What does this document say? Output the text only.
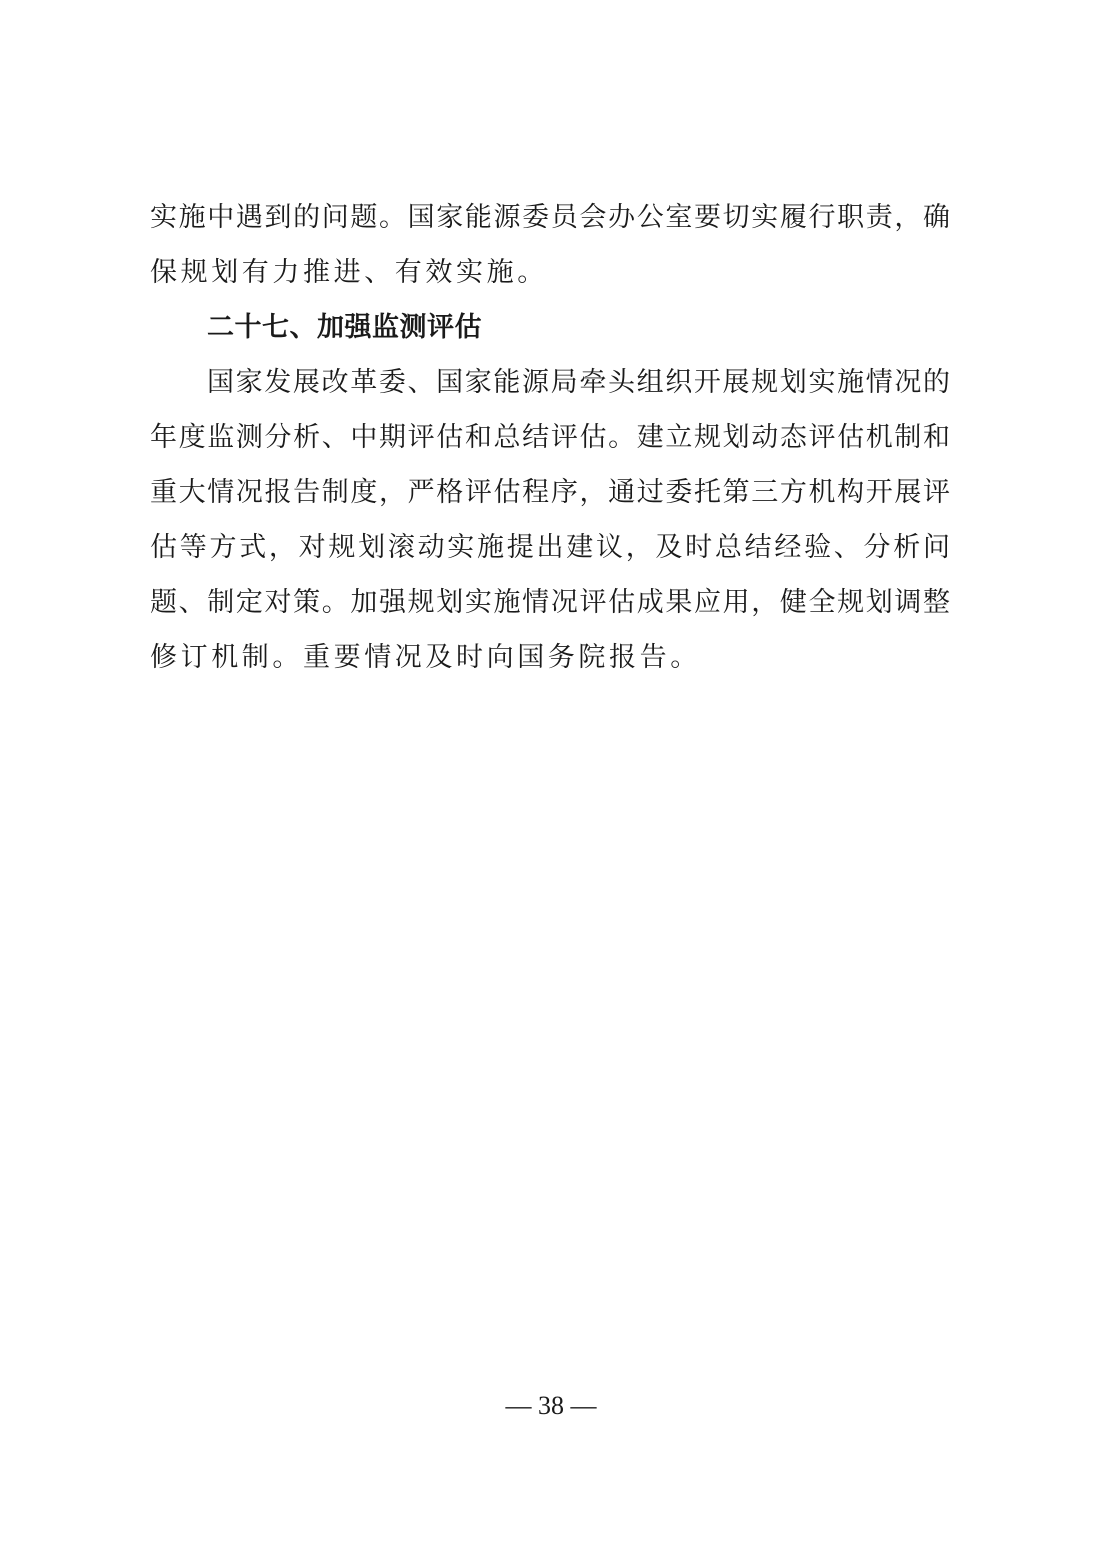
实施中遇到的问题。国家能源委员会办公室要切实履行职责，确
保规划有力推进、有效实施。
二十七、加强监测评估
国家发展改革委、国家能源局牵头组织开展规划实施情况的
年度监测分析、中期评估和总结评估。建立规划动态评估机制和
重大情况报告制度，严格评估程序，通过委托第三方机构开展评
估等方式，对规划滚动实施提出建议，及时总结经验、分析问
题、制定对策。加强规划实施情况评估成果应用，健全规划调整
修订机制。重要情况及时向国务院报告。
— 38 —
